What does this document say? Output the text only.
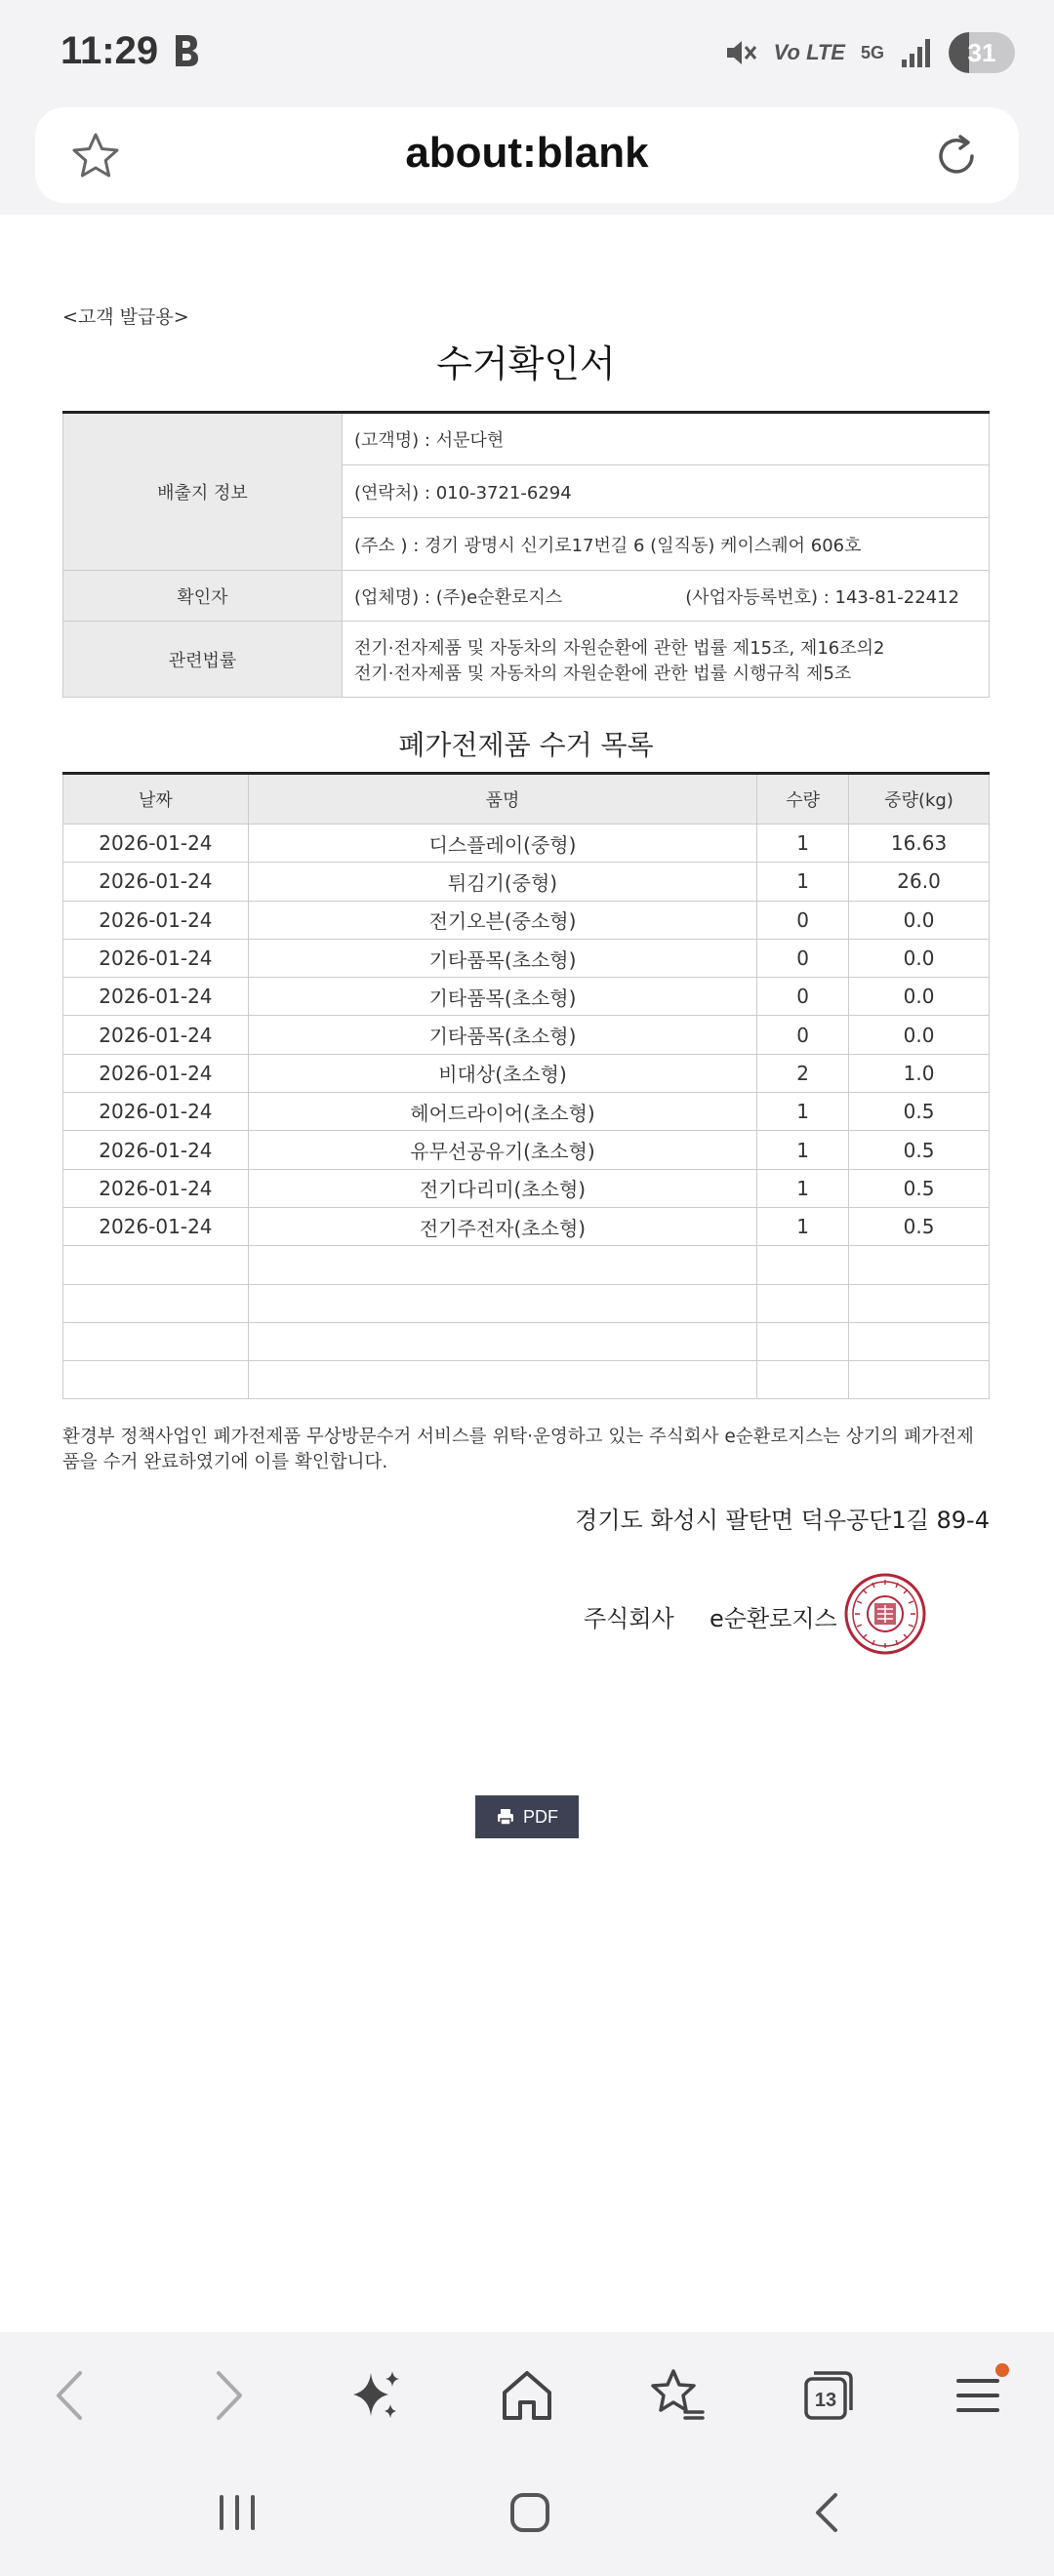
11:29	Vo LTE 5G	31
about:blank
<고객 발급용>
수거확인서
배출지 정보	(고객명) : 서문다현
	(연락처) : 010-3721-6294
	(주소 ) : 경기 광명시 신기로17번길 6 (일직동) 케이스퀘어 606호
확인자	(업체명) : (주)e순환로지스 (사업자등록번호) : 143-81-22412

관련법률	전기·전자제품 및 자동차의 자원순환에 관한 법률 제15조, 제16조의2
전기·전자제품 및 자동차의 자원순환에 관한 법률 시행규칙 제5조
폐가전제품 수거 목록
날짜	품명	수량	중량(kg)
2026-01-24	디스플레이(중형)	1	16.63
2026-01-24	튀김기(중형)	1	26.0
2026-01-24	전기오븐(중소형)	0	0.0
2026-01-24	기타품목(초소형)	0	0.0
2026-01-24	기타품목(초소형)	0	0.0
2026-01-24	기타품목(초소형)	0	0.0
2026-01-24	비대상(초소형)	2	1.0
2026-01-24	헤어드라이어(초소형)	1	0.5
2026-01-24	유무선공유기(초소형)	1	0.5
2026-01-24	전기다리미(초소형)	1	0.5
2026-01-24	전기주전자(초소형)	1	0.5

환경부 정책사업인 폐가전제품 무상방문수거 서비스를 위탁·운영하고 있는 주식회사 e순환로지스는 상기의 폐가전제품을 수거 완료하였기에 이를 확인합니다.
경기도 화성시 팔탄면 덕우공단1길 89-4
주식회사 e순환로지스
PDF
13
